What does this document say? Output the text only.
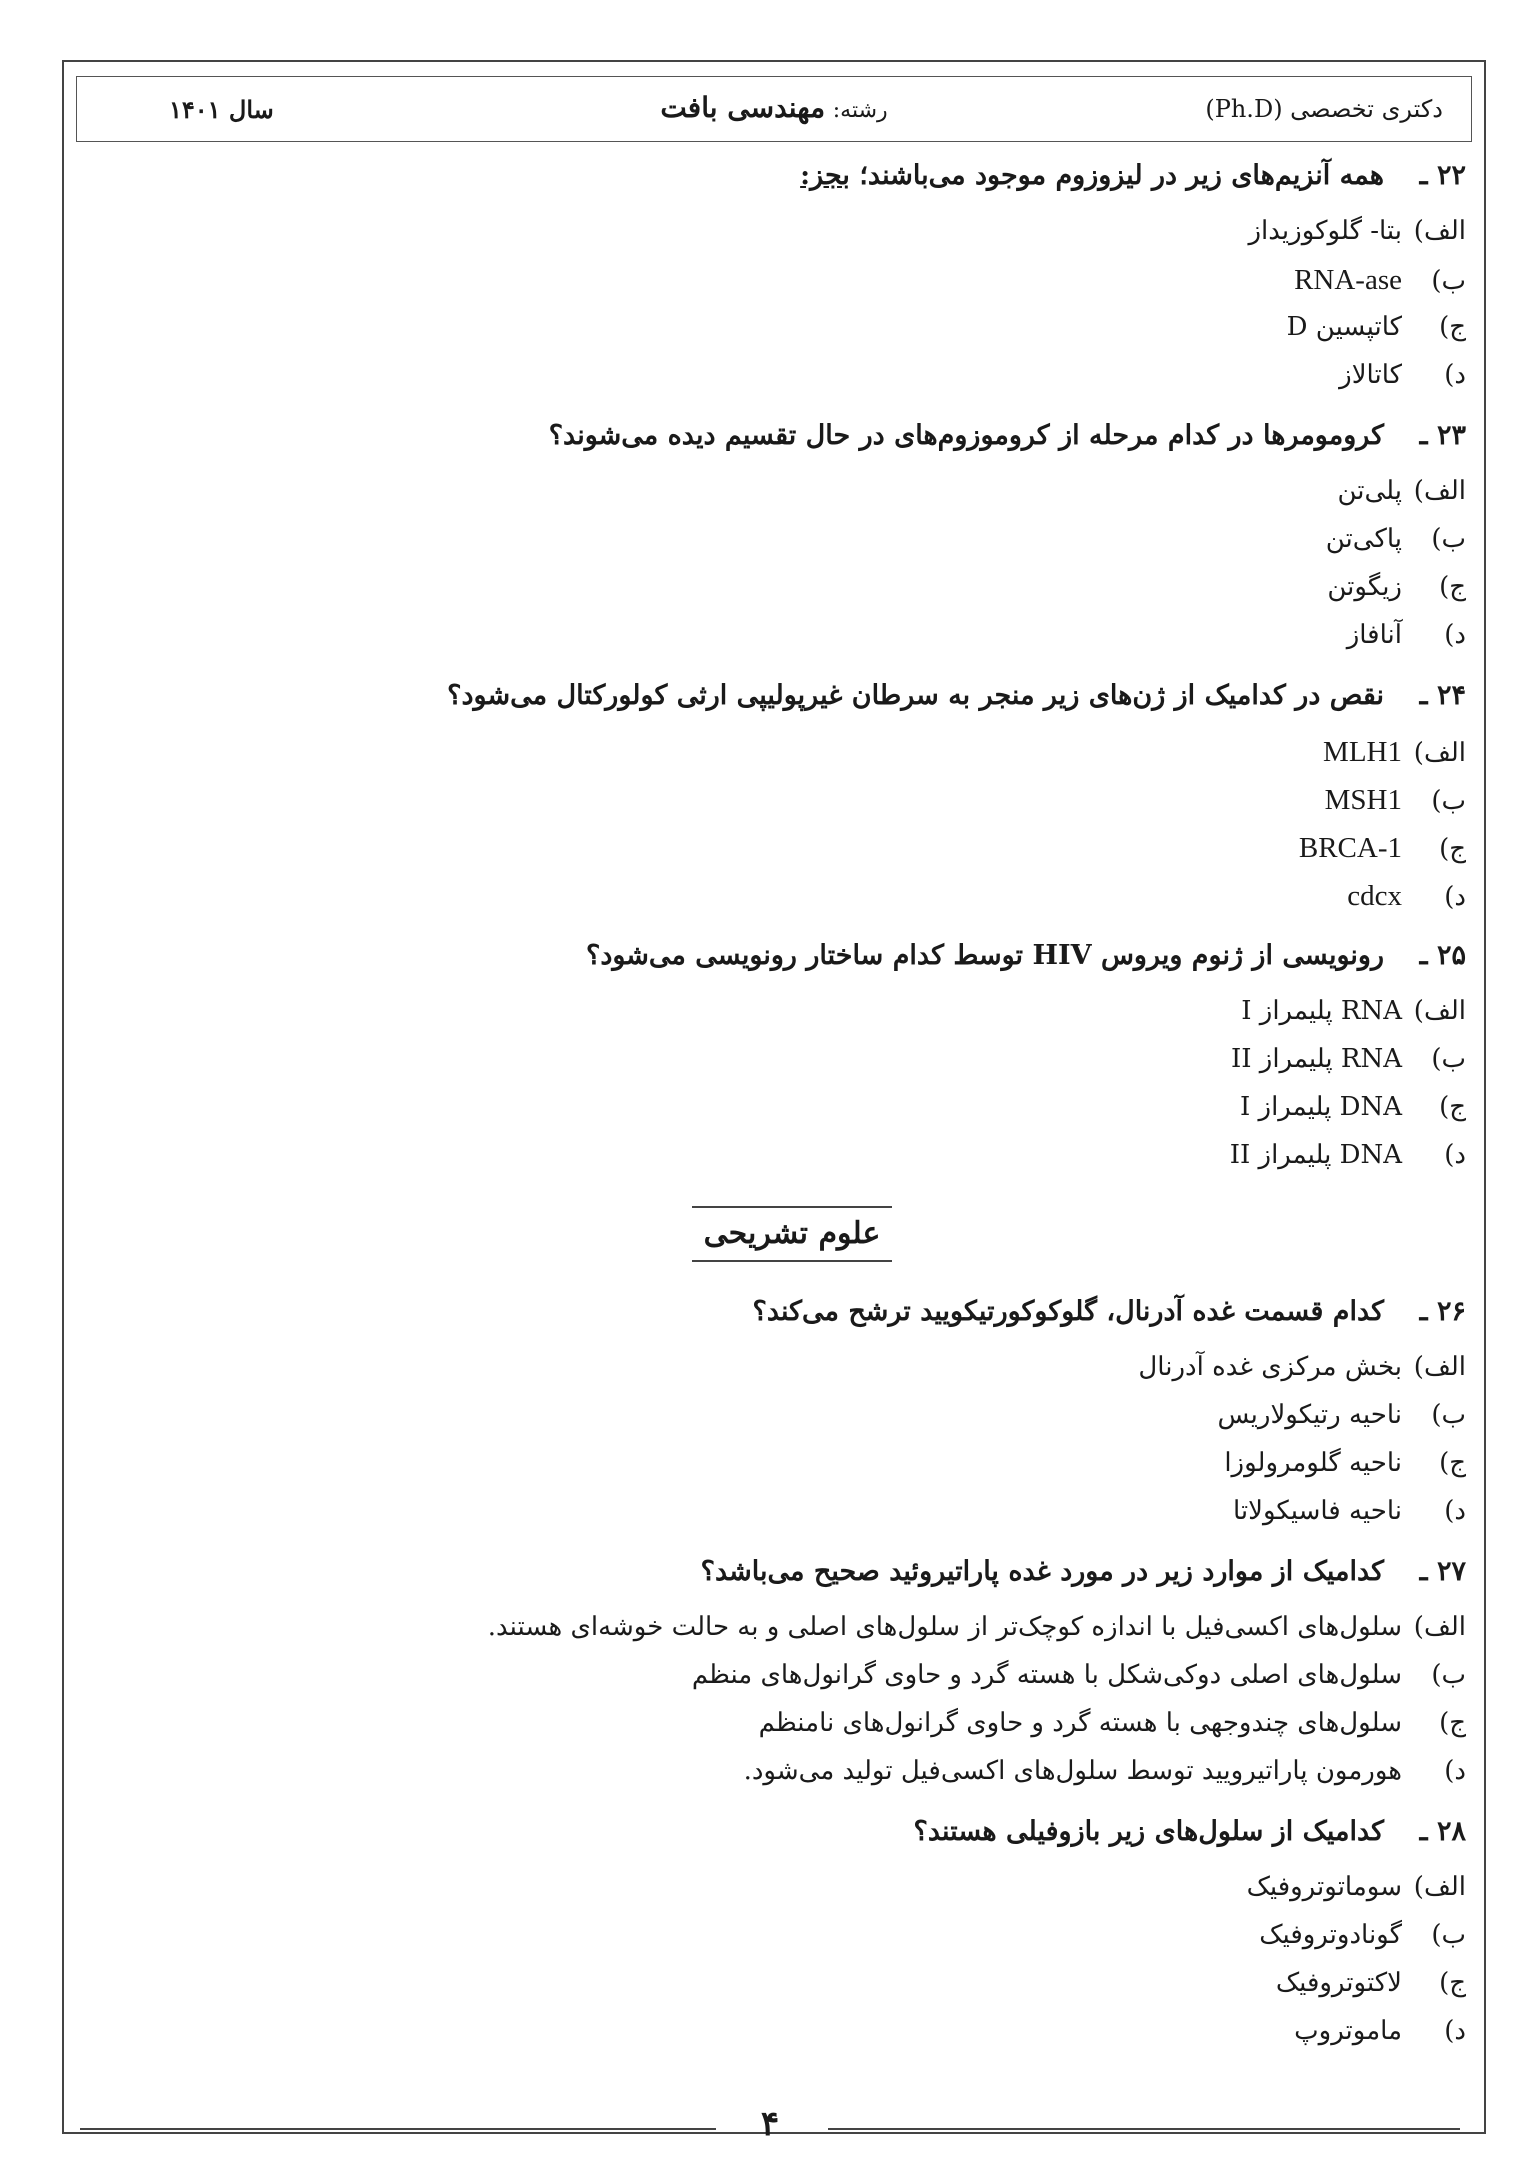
دکتری تخصصی (Ph.D)
رشته: مهندسی بافت
سال ۱۴۰۱
۲۲ ـ
همه آنزیم‌های زیر در لیزوزوم موجود می‌باشند؛ بجز:
الف)
بتا- گلوکوزیداز
ب)
RNA-ase
ج)
کاتپسین D
د)
کاتالاز
۲۳ ـ
کرومومرها در کدام مرحله از کروموزوم‌های در حال تقسیم دیده می‌شوند؟
الف)
پلی‌تن
ب)
پاکی‌تن
ج)
زیگوتن
د)
آنافاز
۲۴ ـ
نقص در کدامیک از ژن‌های زیر منجر به سرطان غیرپولیپی ارثی کولورکتال می‌شود؟
الف)
MLH1
ب)
MSH1
ج)
BRCA-1
د)
cdcx
۲۵ ـ
رونویسی از ژنوم ویروس HIV توسط کدام ساختار رونویسی می‌شود؟
الف)
RNA پلیمراز I
ب)
RNA پلیمراز II
ج)
DNA پلیمراز I
د)
DNA پلیمراز II
علوم تشریحی
۲۶ ـ
کدام قسمت غده آدرنال، گلوکوکورتیکویید ترشح می‌کند؟
الف)
بخش مرکزی غده آدرنال
ب)
ناحیه رتیکولاریس
ج)
ناحیه گلومرولوزا
د)
ناحیه فاسیکولاتا
۲۷ ـ
کدامیک از موارد زیر در مورد غده پاراتیروئید صحیح می‌باشد؟
الف)
سلول‌های اکسی‌فیل با اندازه کوچک‌تر از سلول‌های اصلی و به حالت خوشه‌ای هستند.
ب)
سلول‌های اصلی دوکی‌شکل با هسته گرد و حاوی گرانول‌های منظم
ج)
سلول‌های چندوجهی با هسته گرد و حاوی گرانول‌های نامنظم
د)
هورمون پاراتیرویید توسط سلول‌های اکسی‌فیل تولید می‌شود.
۲۸ ـ
کدامیک از سلول‌های زیر بازوفیلی هستند؟
الف)
سوماتوتروفیک
ب)
گونادوتروفیک
ج)
لاکتوتروفیک
د)
ماموتروپ
۴
